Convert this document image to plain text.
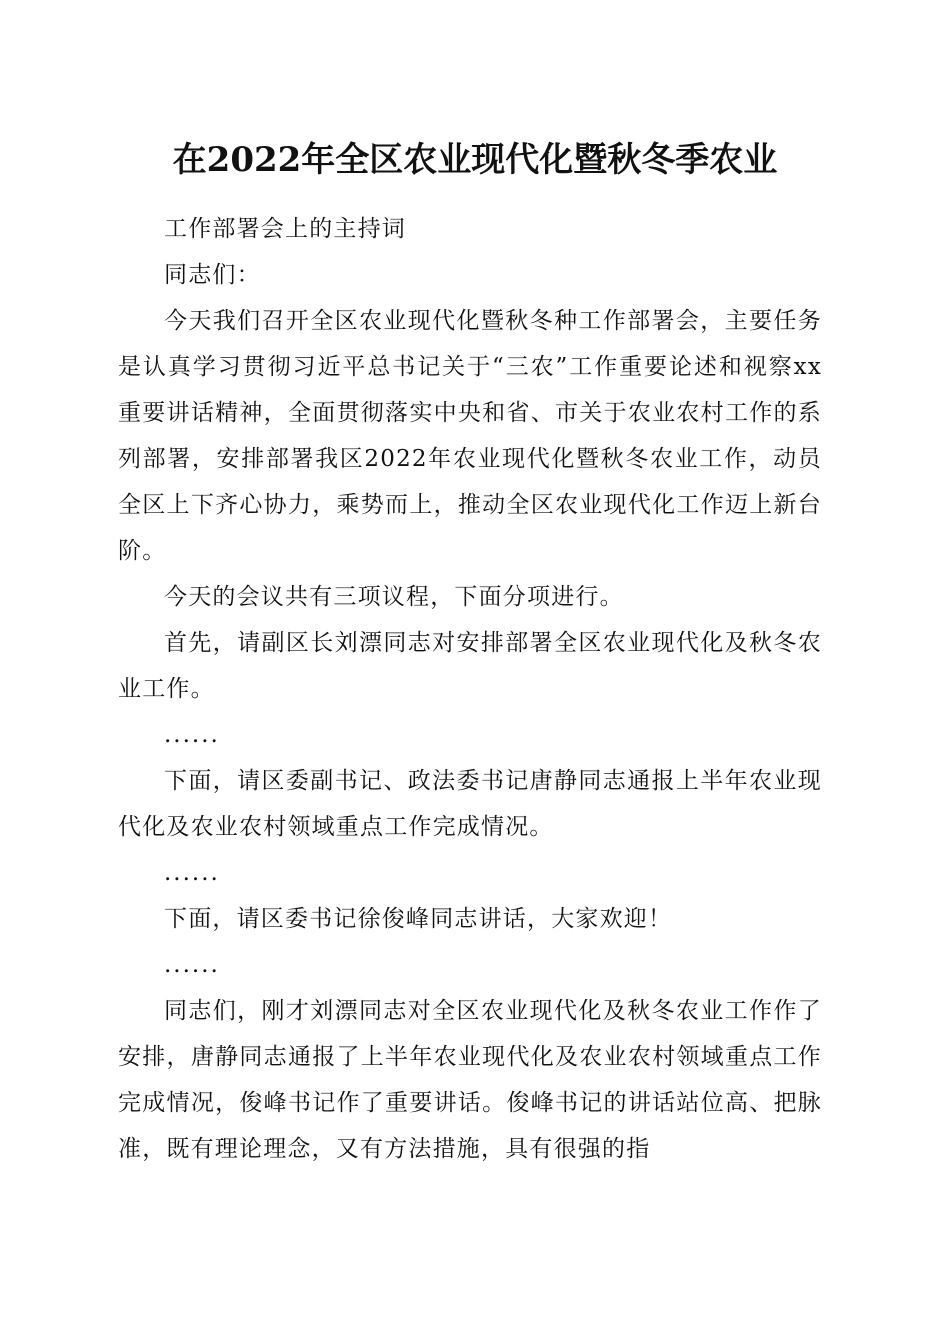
在2022年全区农业现代化暨秋冬季农业

工作部署会上的主持词

同志们：

今天我们召开全区农业现代化暨秋冬种工作部署会，主要任务是认真学习贯彻习近平总书记关于“三农”工作重要论述和视察xx重要讲话精神，全面贯彻落实中央和省、市关于农业农村工作的系列部署，安排部署我区2022年农业现代化暨秋冬农业工作，动员全区上下齐心协力，乘势而上，推动全区农业现代化工作迈上新台阶。

今天的会议共有三项议程，下面分项进行。

首先，请副区长刘漂同志对安排部署全区农业现代化及秋冬农业工作。

......

下面，请区委副书记、政法委书记唐静同志通报上半年农业现代化及农业农村领域重点工作完成情况。

......

下面，请区委书记徐俊峰同志讲话，大家欢迎！

......

同志们，刚才刘漂同志对全区农业现代化及秋冬农业工作作了安排，唐静同志通报了上半年农业现代化及农业农村领域重点工作完成情况，俊峰书记作了重要讲话。俊峰书记的讲话站位高、把脉准，既有理论理念，又有方法措施，具有很强的指
